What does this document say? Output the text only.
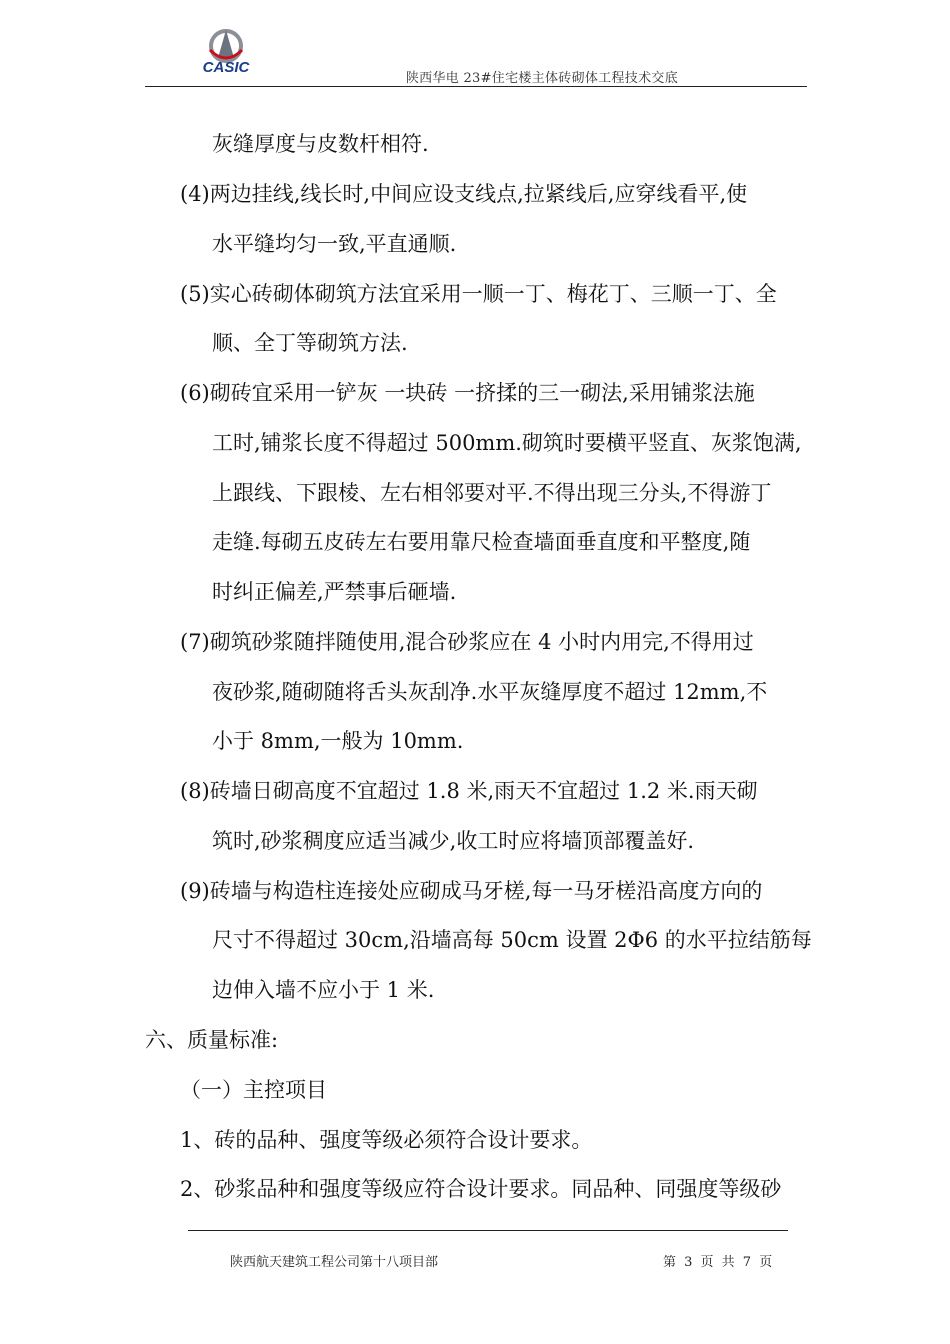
CASIC
陕西华电 23#住宅楼主体砖砌体工程技术交底
灰缝厚度与皮数杆相符.
(4)两边挂线,线长时,中间应设支线点,拉紧线后,应穿线看平,使
水平缝均匀一致,平直通顺.
(5)实心砖砌体砌筑方法宜采用一顺一丁、梅花丁、三顺一丁、全
顺、全丁等砌筑方法.
(6)砌砖宜采用一铲灰 一块砖 一挤揉的三一砌法,采用铺浆法施
工时,铺浆长度不得超过 500mm.砌筑时要横平竖直、灰浆饱满,
上跟线、下跟棱、左右相邻要对平.不得出现三分头,不得游丁
走缝.每砌五皮砖左右要用靠尺检查墙面垂直度和平整度,随
时纠正偏差,严禁事后砸墙.
(7)砌筑砂浆随拌随使用,混合砂浆应在 4 小时内用完,不得用过
夜砂浆,随砌随将舌头灰刮净.水平灰缝厚度不超过 12mm,不
小于 8mm,一般为 10mm.
(8)砖墙日砌高度不宜超过 1.8 米,雨天不宜超过 1.2 米.雨天砌
筑时,砂浆稠度应适当减少,收工时应将墙顶部覆盖好.
(9)砖墙与构造柱连接处应砌成马牙槎,每一马牙槎沿高度方向的
尺寸不得超过 30cm,沿墙高每 50cm 设置 2Φ6 的水平拉结筋每
边伸入墙不应小于 1 米.
六、质量标准:
（一）主控项目
1、砖的品种、强度等级必须符合设计要求。
2、砂浆品种和强度等级应符合设计要求。同品种、同强度等级砂
陕西航天建筑工程公司第十八项目部	第 3 页 共 7 页
